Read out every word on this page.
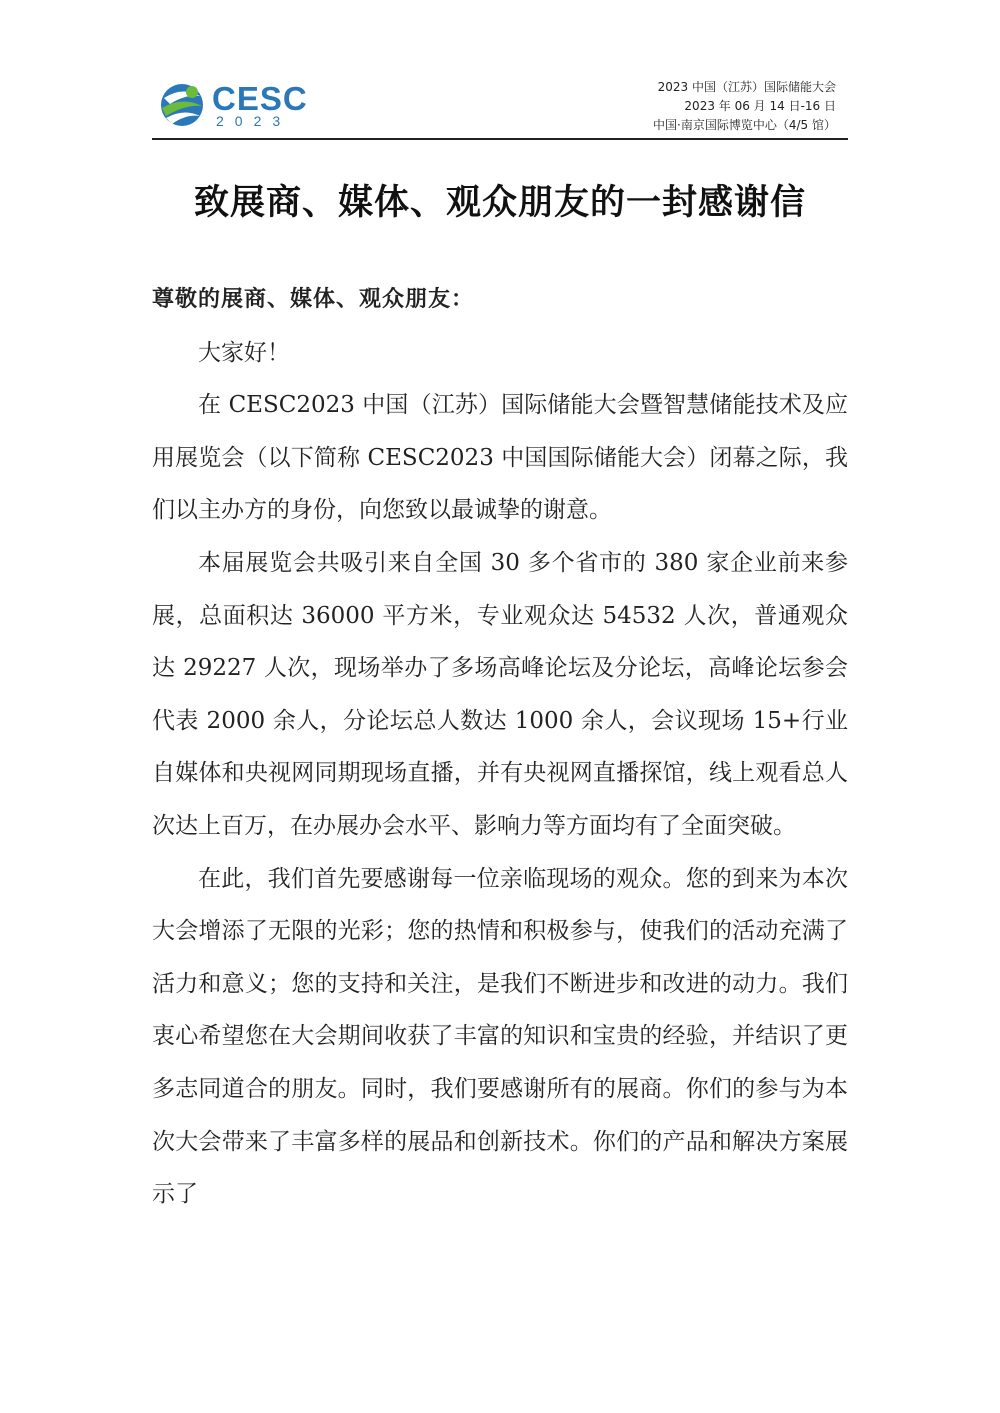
CESC
2023
2023 中国（江苏）国际储能大会
2023 年 06 月 14 日-16 日
中国·南京国际博览中心（4/5 馆）
致展商、媒体、观众朋友的一封感谢信
尊敬的展商、媒体、观众朋友：

大家好！

在 CESC2023 中国（江苏）国际储能大会暨智慧储能技术及应用展览会（以下简称 CESC2023 中国国际储能大会）闭幕之际，我们以主办方的身份，向您致以最诚挚的谢意。

本届展览会共吸引来自全国 30 多个省市的 380 家企业前来参展，总面积达 36000 平方米，专业观众达 54532 人次，普通观众达 29227 人次，现场举办了多场高峰论坛及分论坛，高峰论坛参会代表 2000 余人，分论坛总人数达 1000 余人，会议现场 15+行业自媒体和央视网同期现场直播，并有央视网直播探馆，线上观看总人次达上百万，在办展办会水平、影响力等方面均有了全面突破。

在此，我们首先要感谢每一位亲临现场的观众。您的到来为本次大会增添了无限的光彩；您的热情和积极参与，使我们的活动充满了活力和意义；您的支持和关注，是我们不断进步和改进的动力。我们衷心希望您在大会期间收获了丰富的知识和宝贵的经验，并结识了更多志同道合的朋友。同时，我们要感谢所有的展商。你们的参与为本次大会带来了丰富多样的展品和创新技术。你们的产品和解决方案展示了
